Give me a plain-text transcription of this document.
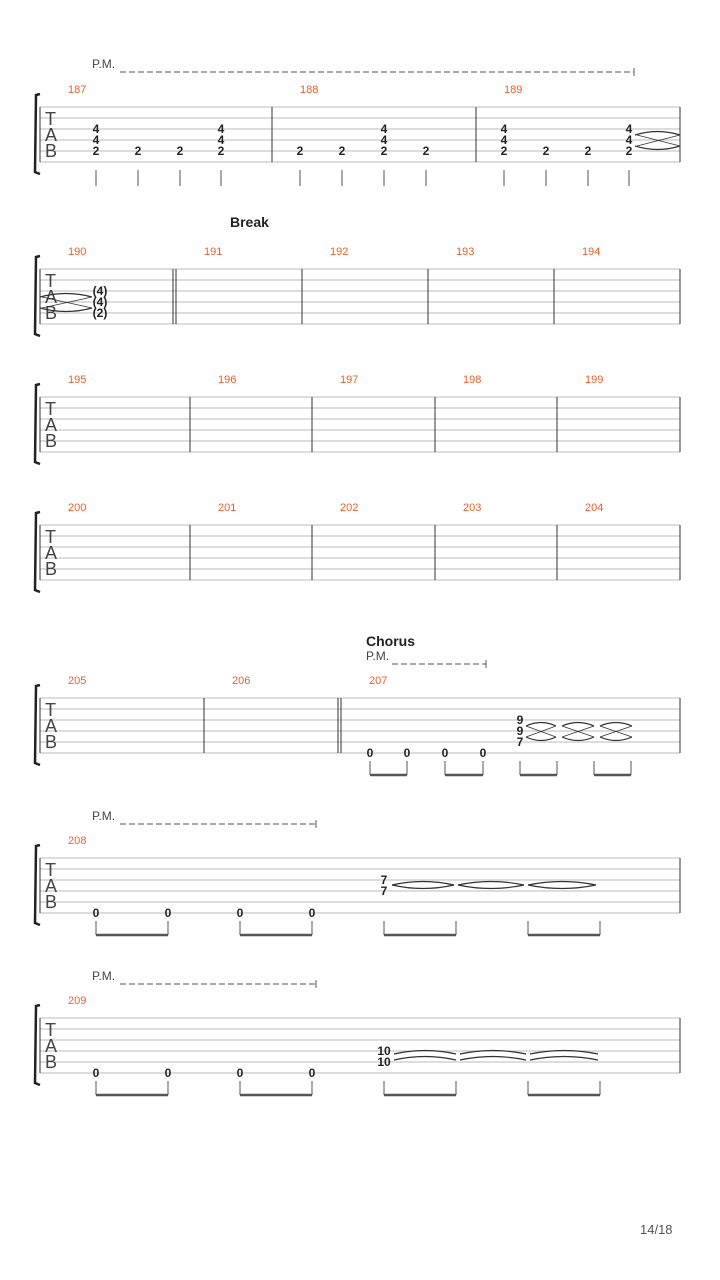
P.M.
T
A
B
187	188	189
4
4
2	2	2
4
4
2	2	2
4
4
2	2
4
4
2	2	2
4
4
2
Break
T
A
B
190	191	192	193	194
(4)
(4)
(2)
T
A
B
195	196	197	198	199
T
A
B
200	201	202	203	204
Chorus
P.M.
T
A
B
205	206	207
0	0	0	0
9
9
7
P.M.
T
A
B
208
0	0	0	0
7
7
P.M.
T
A
B
209
0	0	0	0
10
10
14/18
